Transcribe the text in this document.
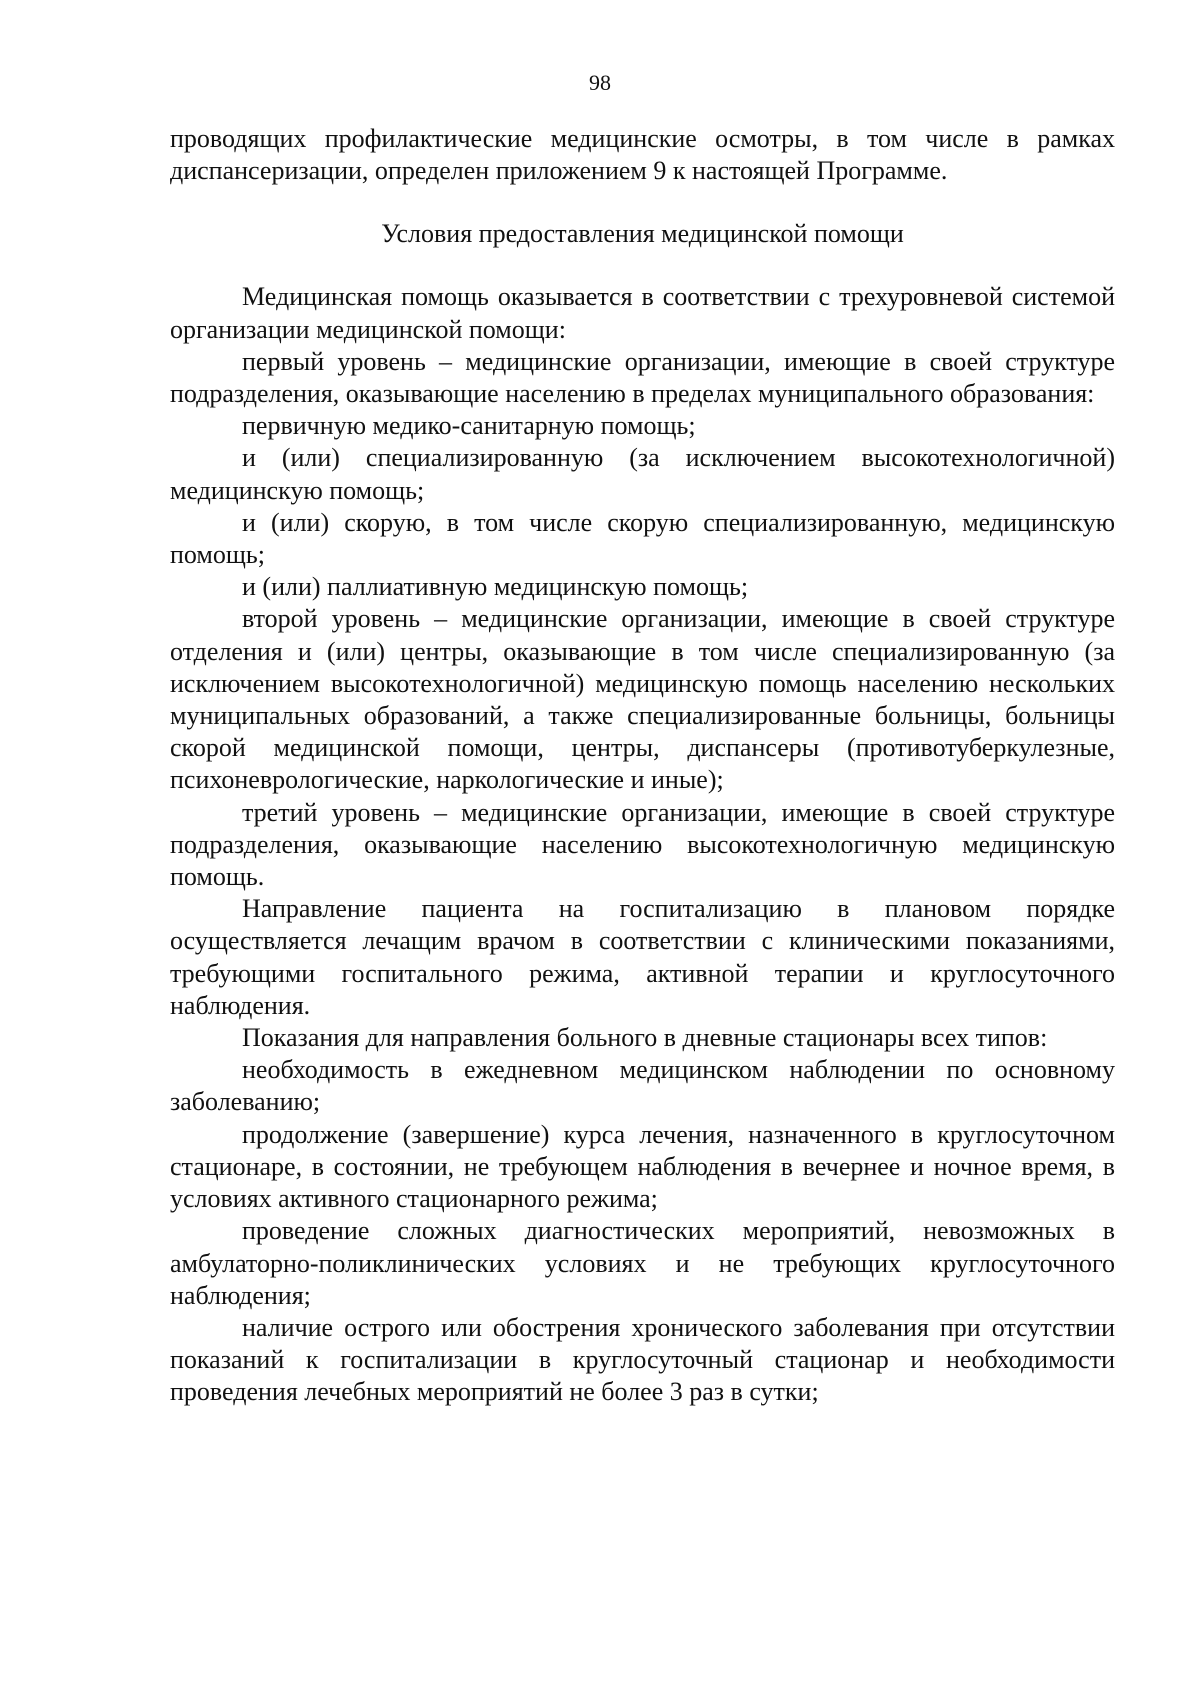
98

проводящих профилактические медицинские осмотры, в том числе в рамках диспансеризации, определен приложением 9 к настоящей Программе.

Условия предоставления медицинской помощи

Медицинская помощь оказывается в соответствии с трехуровневой системой организации медицинской помощи:

первый уровень – медицинские организации, имеющие в своей структуре подразделения, оказывающие населению в пределах муниципального образования:

первичную медико-санитарную помощь;

и (или) специализированную (за исключением высокотехнологичной) медицинскую помощь;

и (или) скорую, в том числе скорую специализированную, медицинскую помощь;

и (или) паллиативную медицинскую помощь;

второй уровень – медицинские организации, имеющие в своей структуре отделения и (или) центры, оказывающие в том числе специализированную (за исключением высокотехнологичной) медицинскую помощь населению нескольких муниципальных образований, а также специализированные больницы, больницы скорой медицинской помощи, центры, диспансеры (противотуберкулезные, психоневрологические, наркологические и иные);

третий уровень – медицинские организации, имеющие в своей структуре подразделения, оказывающие населению высокотехнологичную медицинскую помощь.

Направление пациента на госпитализацию в плановом порядке осуществляется лечащим врачом в соответствии с клиническими показаниями, требующими госпитального режима, активной терапии и круглосуточного наблюдения.

Показания для направления больного в дневные стационары всех типов:

необходимость в ежедневном медицинском наблюдении по основному заболеванию;

продолжение (завершение) курса лечения, назначенного в круглосуточном стационаре, в состоянии, не требующем наблюдения в вечернее и ночное время, в условиях активного стационарного режима;

проведение сложных диагностических мероприятий, невозможных в амбулаторно-поликлинических условиях и не требующих круглосуточного наблюдения;

наличие острого или обострения хронического заболевания при отсутствии показаний к госпитализации в круглосуточный стационар и необходимости проведения лечебных мероприятий не более 3 раз в сутки;
